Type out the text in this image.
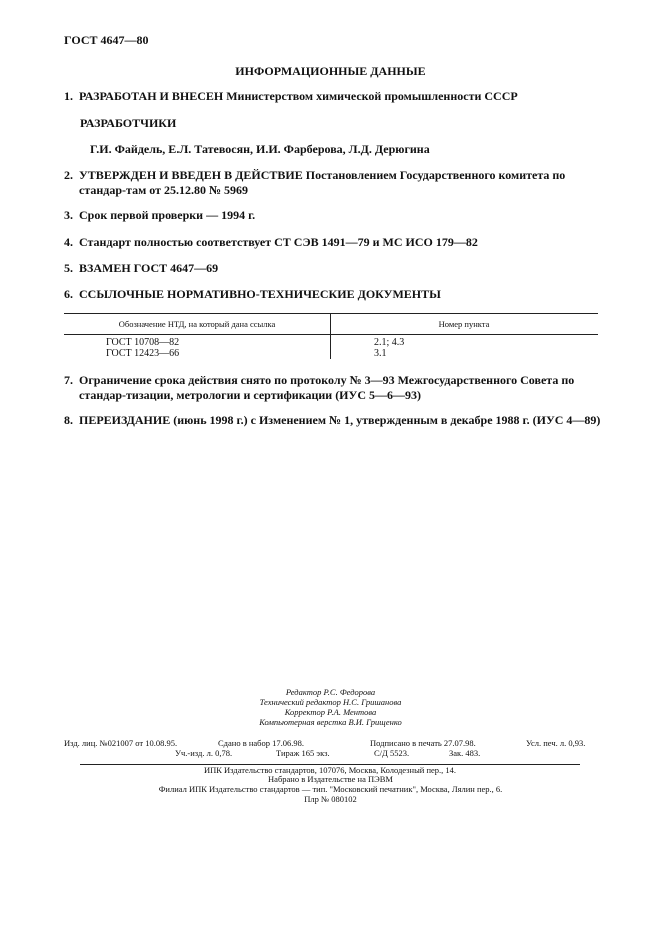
ГОСТ 4647—80
ИНФОРМАЦИОННЫЕ ДАННЫЕ
1. РАЗРАБОТАН И ВНЕСЕН Министерством химической промышленности СССР
РАЗРАБОТЧИКИ
Г.И. Файдель, Е.Л. Татевосян, И.И. Фарберова, Л.Д. Дерюгина
2. УТВЕРЖДЕН И ВВЕДЕН В ДЕЙСТВИЕ Постановлением Государственного комитета по стандар-там от 25.12.80 № 5969
3. Срок первой проверки — 1994 г.
4. Стандарт полностью соответствует СТ СЭВ 1491—79 и МС ИСО 179—82
5. ВЗАМЕН ГОСТ 4647—69
6. ССЫЛОЧНЫЕ НОРМАТИВНО-ТЕХНИЧЕСКИЕ ДОКУМЕНТЫ
Обозначение НТД, на который дана ссылка	Номер пункта
ГОСТ 10708—82	2.1; 4.3
ГОСТ 12423—66	3.1
7. Ограничение срока действия снято по протоколу № 3—93 Межгосударственного Совета по стандар-тизации, метрологии и сертификации (ИУС 5—6—93)
8. ПЕРЕИЗДАНИЕ (июнь 1998 г.) с Изменением № 1, утвержденным в декабре 1988 г. (ИУС 4—89)
Редактор Р.С. Федорова
Технический редактор Н.С. Гришанова
Корректор Р.А. Ментова
Компьютерная верстка В.И. Грищенко
Изд. лиц. №021007 от 10.08.95.	Сдано в набор 17.06.98.	Подписано в печать 27.07.98.	Усл. печ. л. 0,93.
Уч.-изд. л. 0,78.	Тираж 165 экз.	С/Д 5523.	Зак. 483.
ИПК Издательство стандартов, 107076, Москва, Колодезный пер., 14.
Набрано в Издательстве на ПЭВМ
Филиал ИПК Издательство стандартов — тип. "Московский печатник", Москва, Лялин пер., 6.
Плр № 080102
